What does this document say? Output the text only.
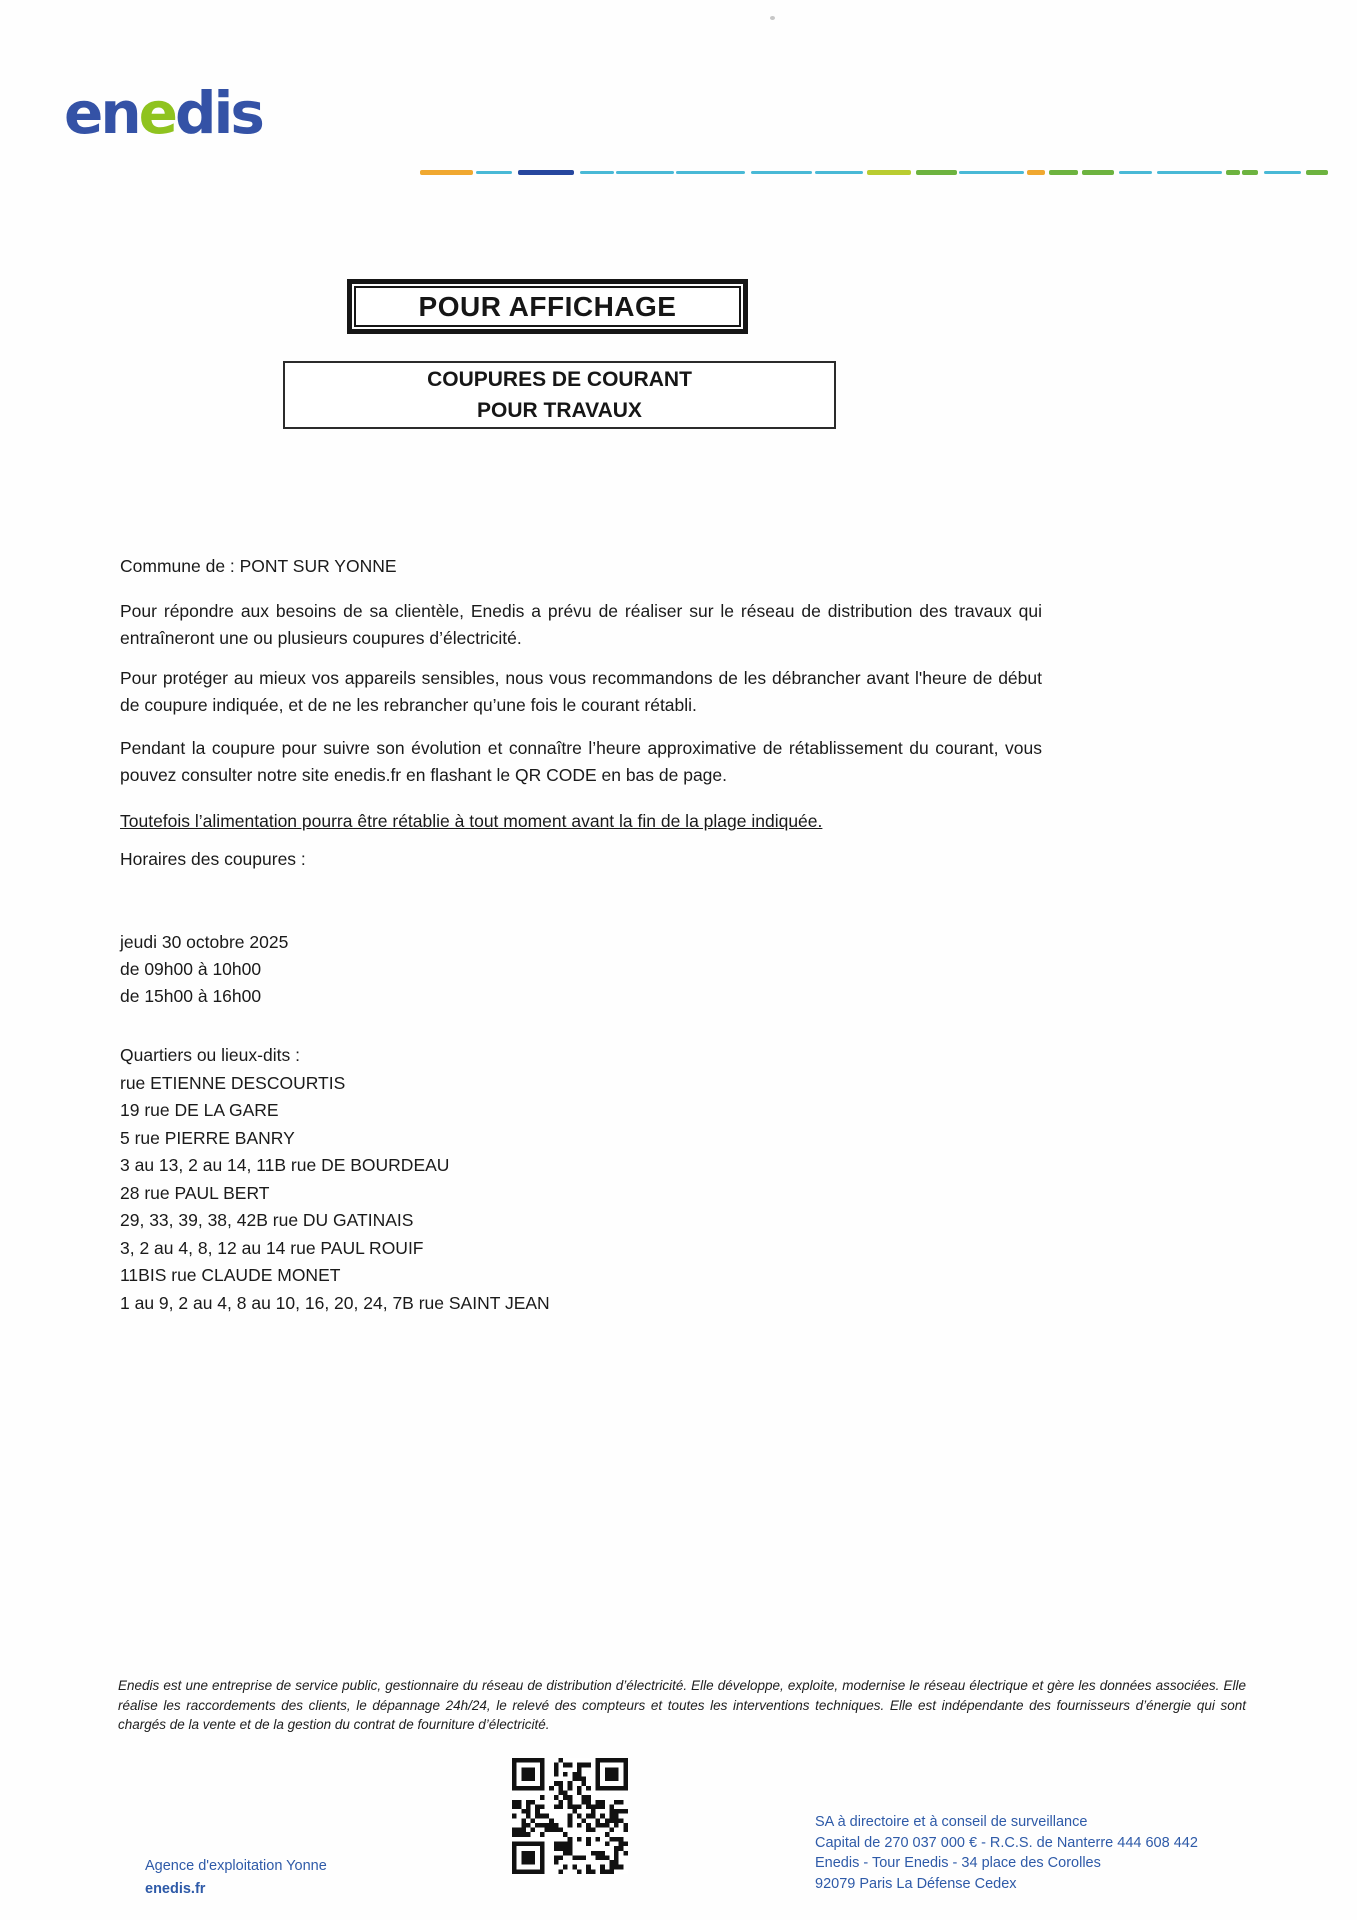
enedis
POUR AFFICHAGE
COUPURES DE COURANT
POUR TRAVAUX
Commune de : PONT SUR YONNE
Pour répondre aux besoins de sa clientèle, Enedis a prévu de réaliser sur le réseau de distribution des travaux qui entraîneront une ou plusieurs coupures d’électricité.
Pour protéger au mieux vos appareils sensibles, nous vous recommandons de les débrancher avant l'heure de début de coupure indiquée, et de ne les rebrancher qu’une fois le courant rétabli.
Pendant la coupure pour suivre son évolution et connaître l’heure approximative de rétablissement du courant, vous pouvez consulter notre site enedis.fr en flashant le QR CODE en bas de page.
Toutefois l’alimentation pourra être rétablie à tout moment avant la fin de la plage indiquée.
Horaires des coupures :
jeudi 30 octobre 2025
de 09h00 à 10h00
de 15h00 à 16h00
Quartiers ou lieux-dits :
rue ETIENNE DESCOURTIS
19 rue DE LA GARE
5 rue PIERRE BANRY
3 au 13, 2 au 14, 11B rue DE BOURDEAU
28 rue PAUL BERT
29, 33, 39, 38, 42B rue DU GATINAIS
3, 2 au 4, 8, 12 au 14 rue PAUL ROUIF
11BIS rue CLAUDE MONET
1 au 9, 2 au 4, 8 au 10, 16, 20, 24, 7B rue SAINT JEAN
Enedis est une entreprise de service public, gestionnaire du réseau de distribution d’électricité. Elle développe, exploite, modernise le réseau électrique et gère les données associées. Elle réalise les raccordements des clients, le dépannage 24h/24, le relevé des compteurs et toutes les interventions techniques. Elle est indépendante des fournisseurs d’énergie qui sont chargés de la vente et de la gestion du contrat de fourniture d’électricité.
Agence d'exploitation Yonne
enedis.fr
SA à directoire et à conseil de surveillance
Capital de 270 037 000 € - R.C.S. de Nanterre 444 608 442
Enedis - Tour Enedis - 34 place des Corolles
92079 Paris La Défense Cedex
